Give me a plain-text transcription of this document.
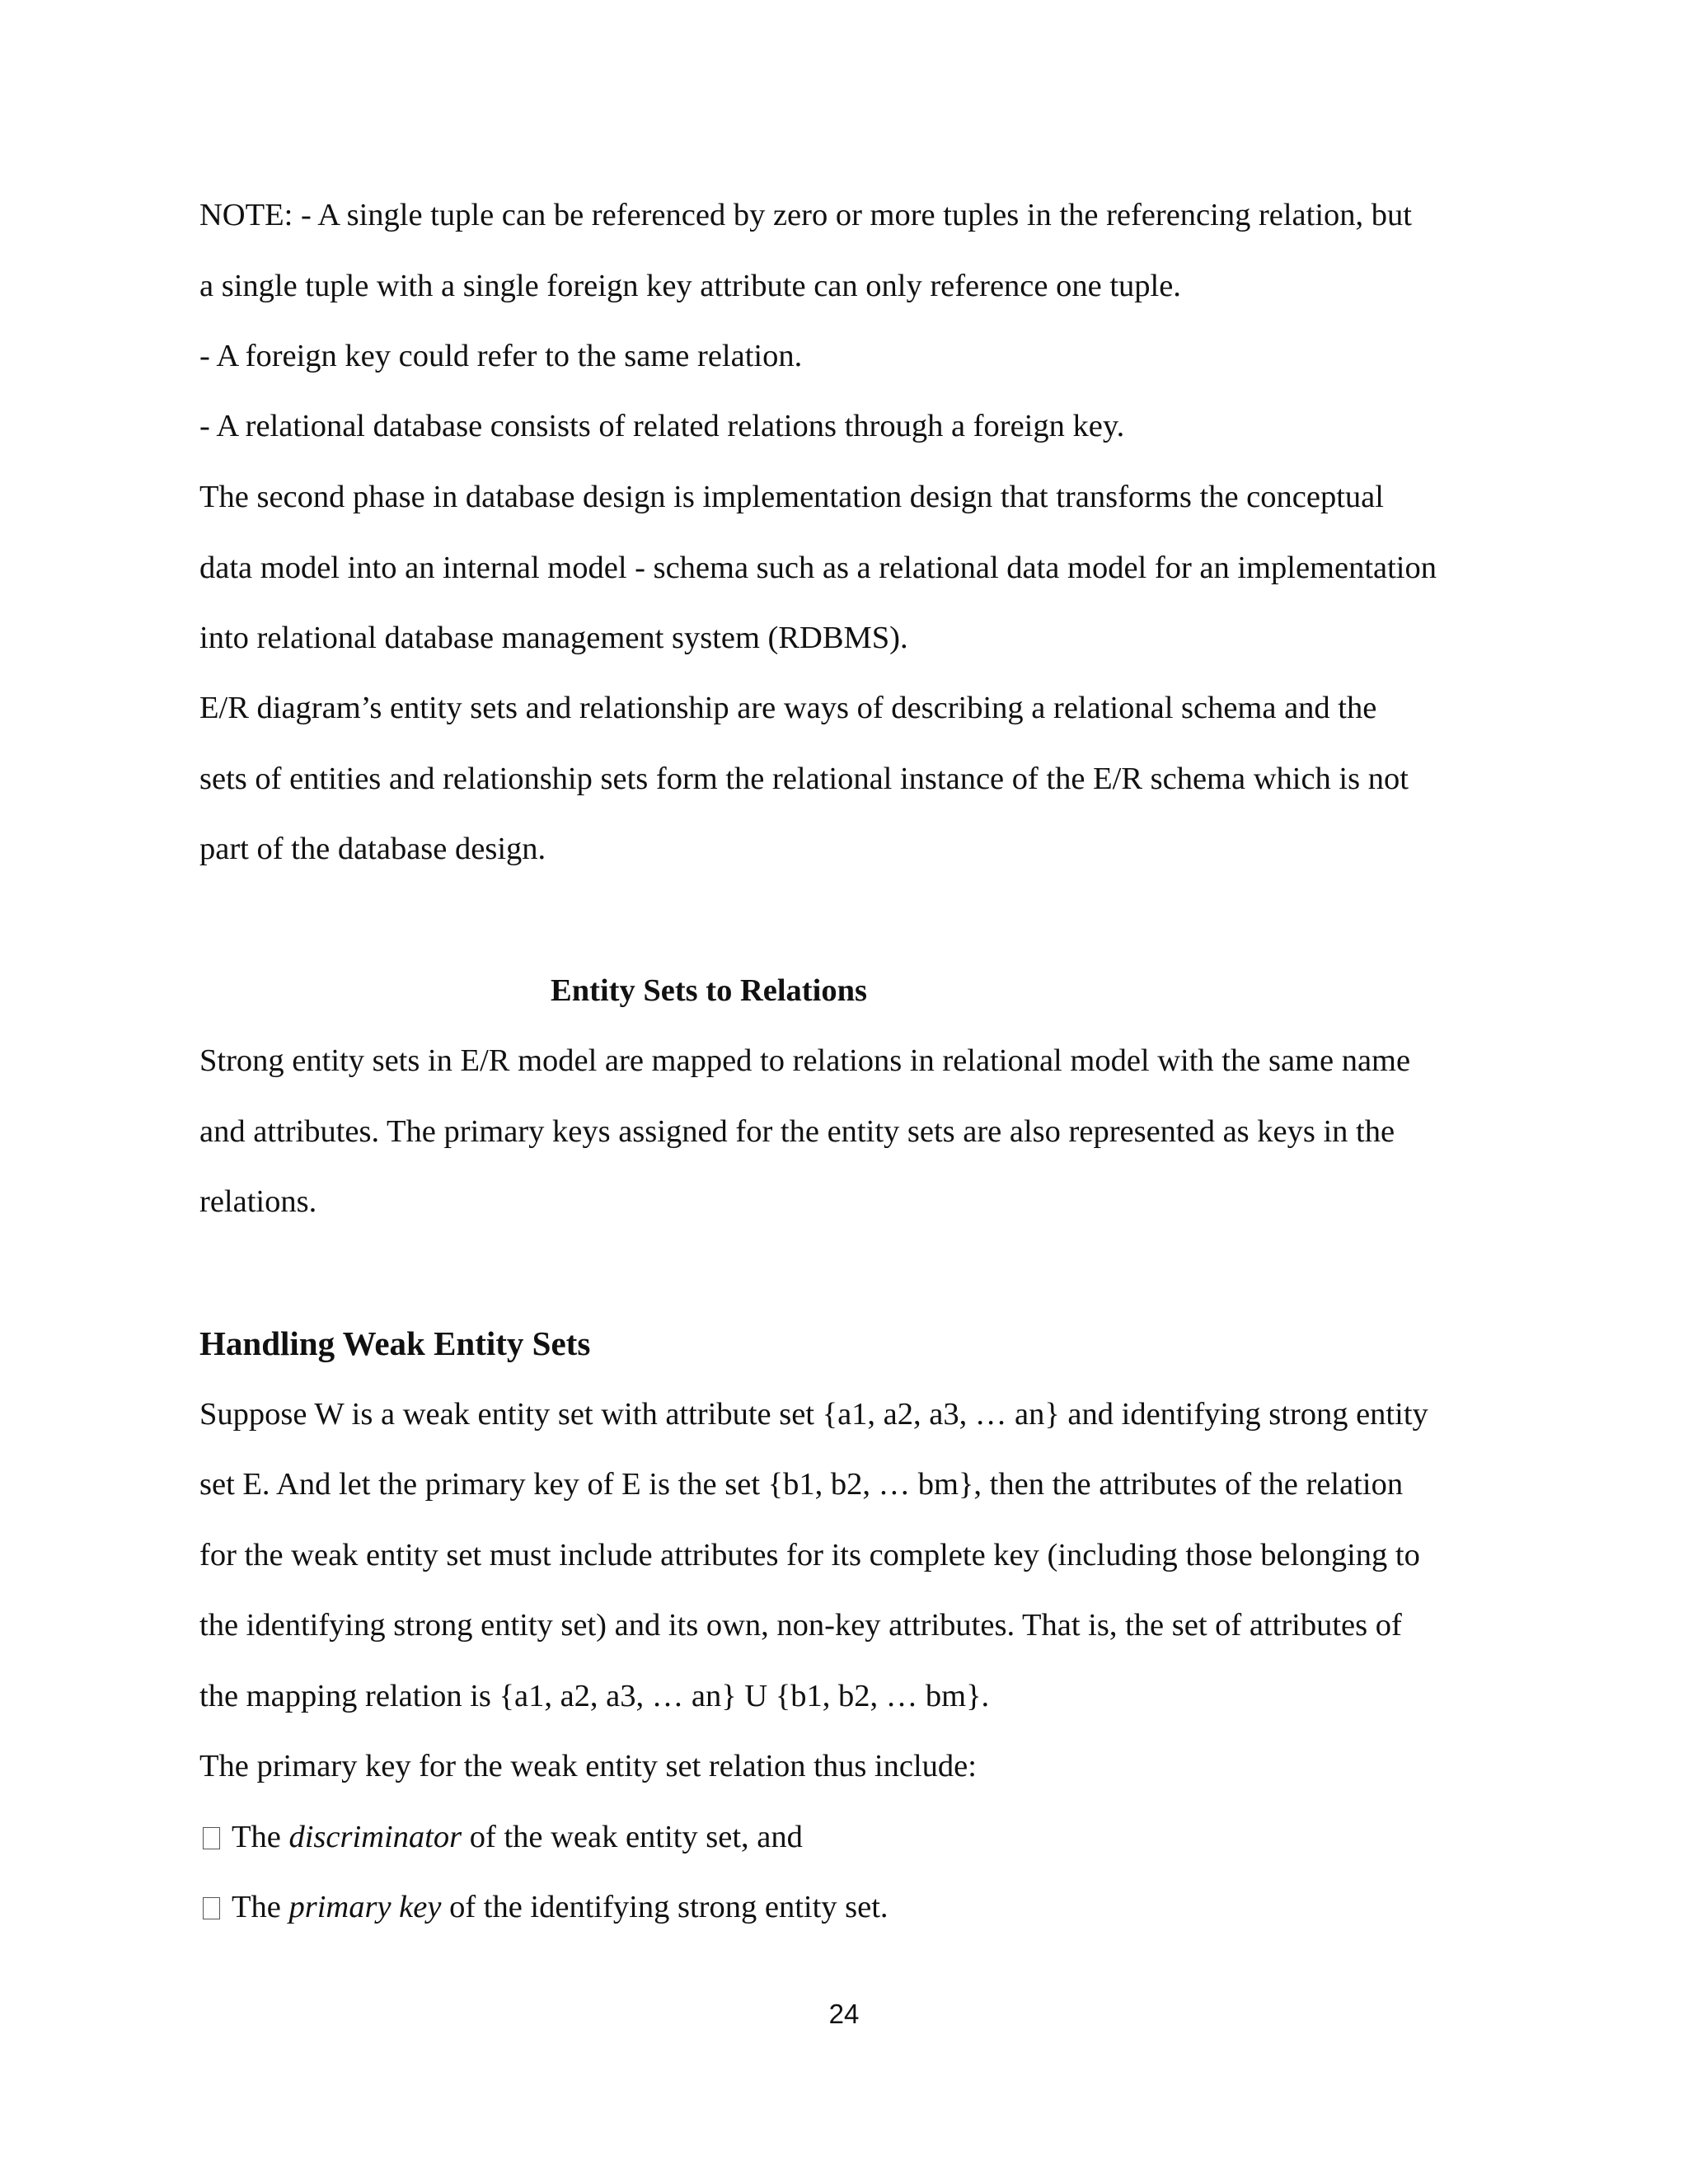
NOTE: - A single tuple can be referenced by zero or more tuples in the referencing relation, but
a single tuple with a single foreign key attribute can only reference one tuple.
- A foreign key could refer to the same relation.
- A relational database consists of related relations through a foreign key.
The second phase in database design is implementation design that transforms the conceptual
data model into an internal model - schema such as a relational data model for an implementation
into relational database management system (RDBMS).
E/R diagram’s entity sets and relationship are ways of describing a relational schema and the
sets of entities and relationship sets form the relational instance of the E/R schema which is not
part of the database design.
Entity Sets to Relations
Strong entity sets in E/R model are mapped to relations in relational model with the same name
and attributes. The primary keys assigned for the entity sets are also represented as keys in the
relations.
Handling Weak Entity Sets
Suppose W is a weak entity set with attribute set {a1, a2, a3, … an} and identifying strong entity
set E. And let the primary key of E is the set {b1, b2, … bm}, then the attributes of the relation
for the weak entity set must include attributes for its complete key (including those belonging to
the identifying strong entity set) and its own, non-key attributes. That is, the set of attributes of
the mapping relation is {a1, a2, a3, … an} U {b1, b2, … bm}.
The primary key for the weak entity set relation thus include:
The discriminator of the weak entity set, and
The primary key of the identifying strong entity set.
24
